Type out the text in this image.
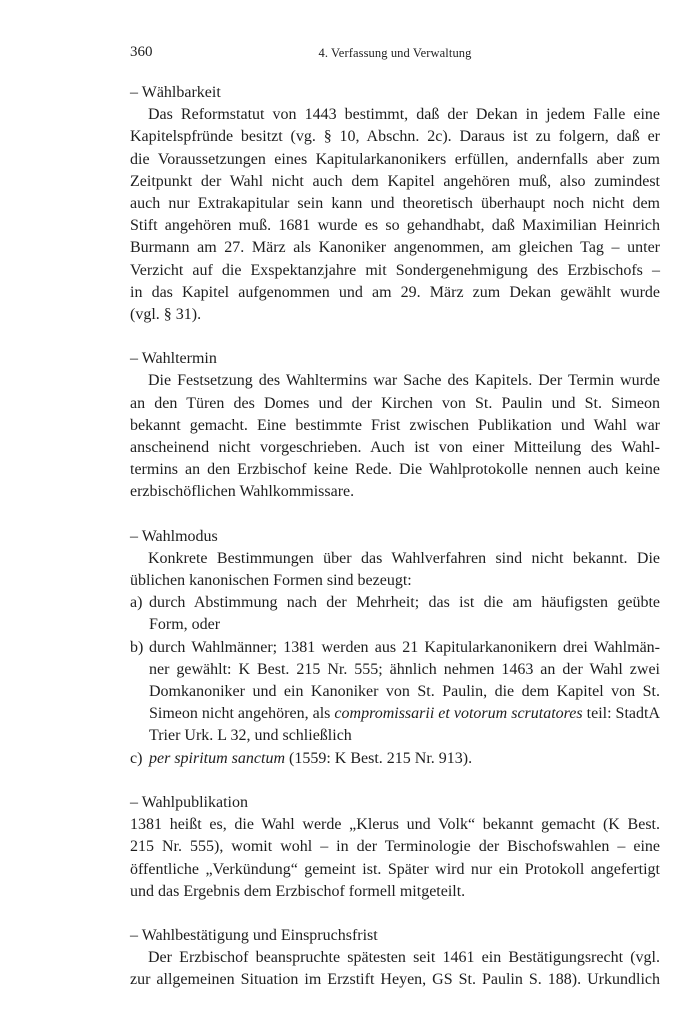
360	4. Verfassung und Verwaltung
– Wählbarkeit

Das Reformstatut von 1443 bestimmt, daß der Dekan in jedem Falle eine
Kapitelspfründe besitzt (vg. § 10, Abschn. 2c). Daraus ist zu folgern, daß er
die Voraussetzungen eines Kapitularkanonikers erfüllen, andernfalls aber zum
Zeitpunkt der Wahl nicht auch dem Kapitel angehören muß, also zumindest
auch nur Extrakapitular sein kann und theoretisch überhaupt noch nicht dem
Stift angehören muß. 1681 wurde es so gehandhabt, daß Maximilian Heinrich
Burmann am 27. März als Kanoniker angenommen, am gleichen Tag – unter
Verzicht auf die Exspektanzjahre mit Sondergenehmigung des Erzbischofs –
in das Kapitel aufgenommen und am 29. März zum Dekan gewählt wurde
(vgl. § 31).

– Wahltermin

Die Festsetzung des Wahltermins war Sache des Kapitels. Der Termin wurde
an den Türen des Domes und der Kirchen von St. Paulin und St. Simeon
bekannt gemacht. Eine bestimmte Frist zwischen Publikation und Wahl war
anscheinend nicht vorgeschrieben. Auch ist von einer Mitteilung des Wahl-
termins an den Erzbischof keine Rede. Die Wahlprotokolle nennen auch keine
erzbischöflichen Wahlkommissare.

– Wahlmodus

Konkrete Bestimmungen über das Wahlverfahren sind nicht bekannt. Die
üblichen kanonischen Formen sind bezeugt:

a) durch Abstimmung nach der Mehrheit; das ist die am häufigsten geübte
Form, oder
b) durch Wahlmänner; 1381 werden aus 21 Kapitularkanonikern drei Wahlmän-
ner gewählt: K Best. 215 Nr. 555; ähnlich nehmen 1463 an der Wahl zwei
Domkanoniker und ein Kanoniker von St. Paulin, die dem Kapitel von St.
Simeon nicht angehören, als compromissarii et votorum scrutatores teil: StadtA
Trier Urk. L 32, und schließlich
c) per spiritum sanctum (1559: K Best. 215 Nr. 913).
– Wahlpublikation

1381 heißt es, die Wahl werde „Klerus und Volk“ bekannt gemacht (K Best.
215 Nr. 555), womit wohl – in der Terminologie der Bischofswahlen – eine
öffentliche „Verkündung“ gemeint ist. Später wird nur ein Protokoll angefertigt
und das Ergebnis dem Erzbischof formell mitgeteilt.

– Wahlbestätigung und Einspruchsfrist

Der Erzbischof beanspruchte spätesten seit 1461 ein Bestätigungsrecht (vgl.
zur allgemeinen Situation im Erzstift Heyen, GS St. Paulin S. 188). Urkundlich
